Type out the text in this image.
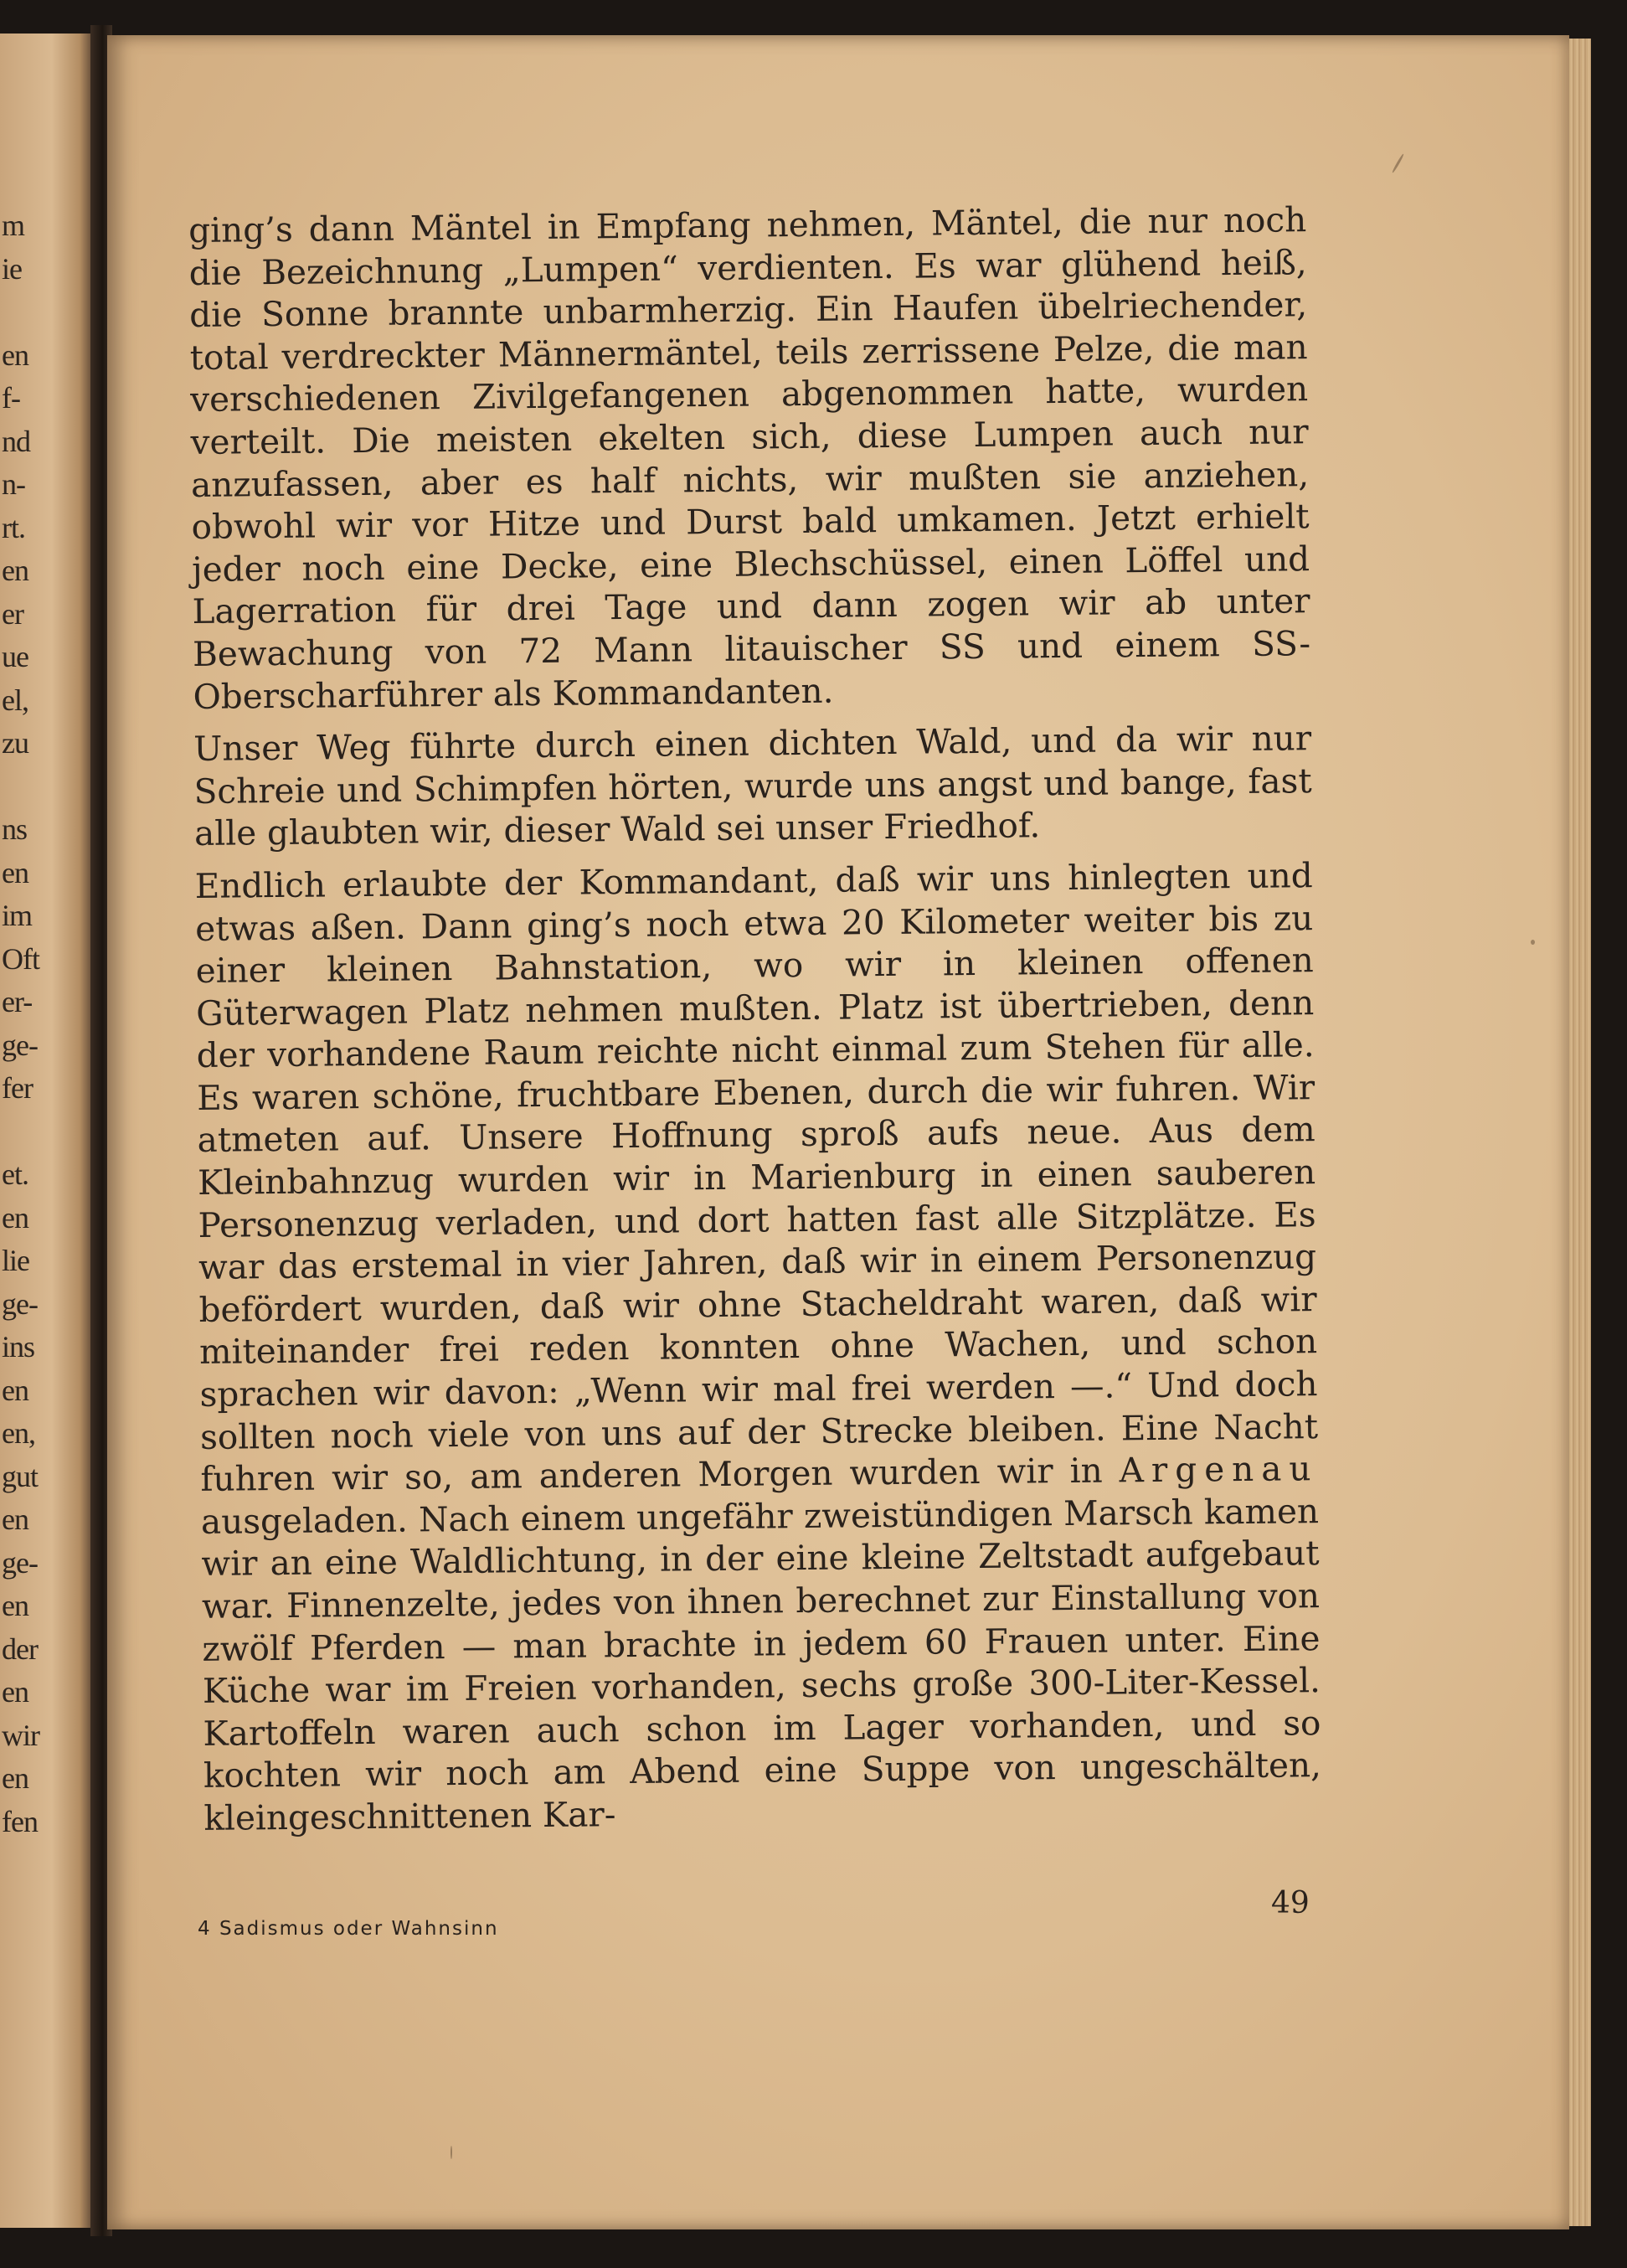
m
ie
en
f-
nd
n-
rt.
en
er
ue
el,
zu
ns
en
im
Oft
er-
ge-
fer
et.
en
lie
ge-
ins
en
en,
gut
en
ge-
en
der
en
wir
en
fen

ging’s dann Mäntel in Empfang nehmen, Mäntel, die nur noch die Bezeichnung „Lumpen“ verdienten. Es war glühend heiß, die Sonne brannte unbarmherzig. Ein Haufen übelriechender, total verdreckter Männermäntel, teils zerrissene Pelze, die man verschiedenen Zivilgefangenen abgenommen hatte, wurden verteilt. Die meisten ekelten sich, diese Lumpen auch nur anzufassen, aber es half nichts, wir mußten sie anziehen, obwohl wir vor Hitze und Durst bald umkamen. Jetzt erhielt jeder noch eine Decke, eine Blechschüssel, einen Löffel und Lagerration für drei Tage und dann zogen wir ab unter Bewachung von 72 Mann litauischer SS und einem SS-Oberscharführer als Kommandanten.

Unser Weg führte durch einen dichten Wald, und da wir nur Schreie und Schimpfen hörten, wurde uns angst und bange, fast alle glaubten wir, dieser Wald sei unser Friedhof.

Endlich erlaubte der Kommandant, daß wir uns hinlegten und etwas aßen. Dann ging’s noch etwa 20 Kilometer weiter bis zu einer kleinen Bahnstation, wo wir in kleinen offenen Güterwagen Platz nehmen mußten. Platz ist übertrieben, denn der vorhandene Raum reichte nicht einmal zum Stehen für alle. Es waren schöne, fruchtbare Ebenen, durch die wir fuhren. Wir atmeten auf. Unsere Hoffnung sproß aufs neue. Aus dem Kleinbahnzug wurden wir in Marienburg in einen sauberen Personenzug verladen, und dort hatten fast alle Sitzplätze. Es war das erstemal in vier Jahren, daß wir in einem Personenzug befördert wurden, daß wir ohne Stacheldraht waren, daß wir miteinander frei reden konnten ohne Wachen, und schon sprachen wir davon: „Wenn wir mal frei werden —.“ Und doch sollten noch viele von uns auf der Strecke bleiben. Eine Nacht fuhren wir so, am anderen Morgen wurden wir in Argenau ausgeladen. Nach einem ungefähr zweistündigen Marsch kamen wir an eine Waldlichtung, in der eine kleine Zeltstadt aufgebaut war. Finnenzelte, jedes von ihnen berechnet zur Einstallung von zwölf Pferden — man brachte in jedem 60 Frauen unter. Eine Küche war im Freien vorhanden, sechs große 300-Liter-Kessel. Kartoffeln waren auch schon im Lager vorhanden, und so kochten wir noch am Abend eine Suppe von ungeschälten, kleingeschnittenen Kar-

49
4 Sadismus oder Wahnsinn
